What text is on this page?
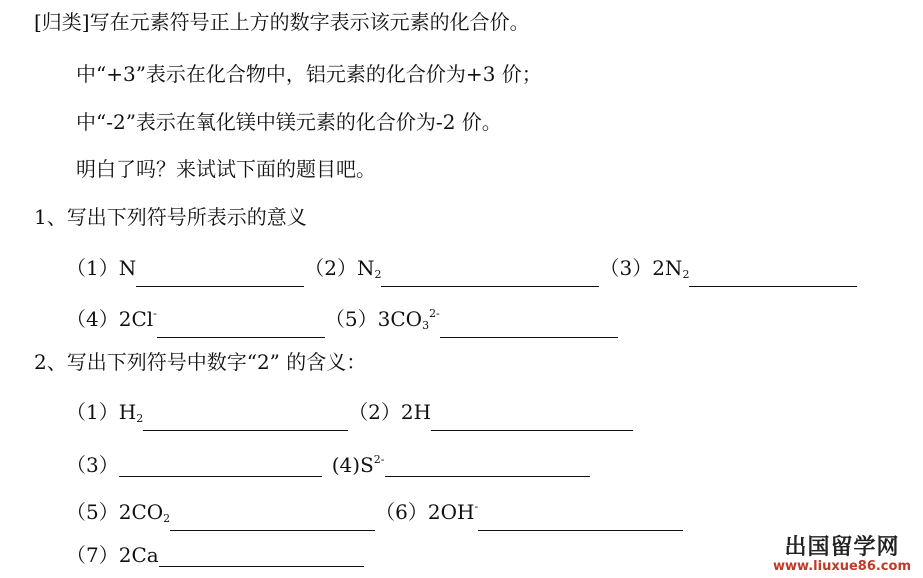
[归类]写在元素符号正上方的数字表示该元素的化合价。
中“+3”表示在化合物中，铝元素的化合价为+3 价；
中“-2”表示在氧化镁中镁元素的化合价为-2 价。
明白了吗？来试试下面的题目吧。
1、写出下列符号所表示的意义
（1）N	$(2)N_2$	$(3)2N_2$
（4）2Cl-	$(5)3CO_3^{2-}$
2、写出下列符号中数字“2” 的含义：
$(1)H_2$	（2）2H
（3）	$(4)S^{2-}$
$(5)2CO_2$	（6）2OH-
（7）2Ca	出国留学网
www.liuxue86.com
